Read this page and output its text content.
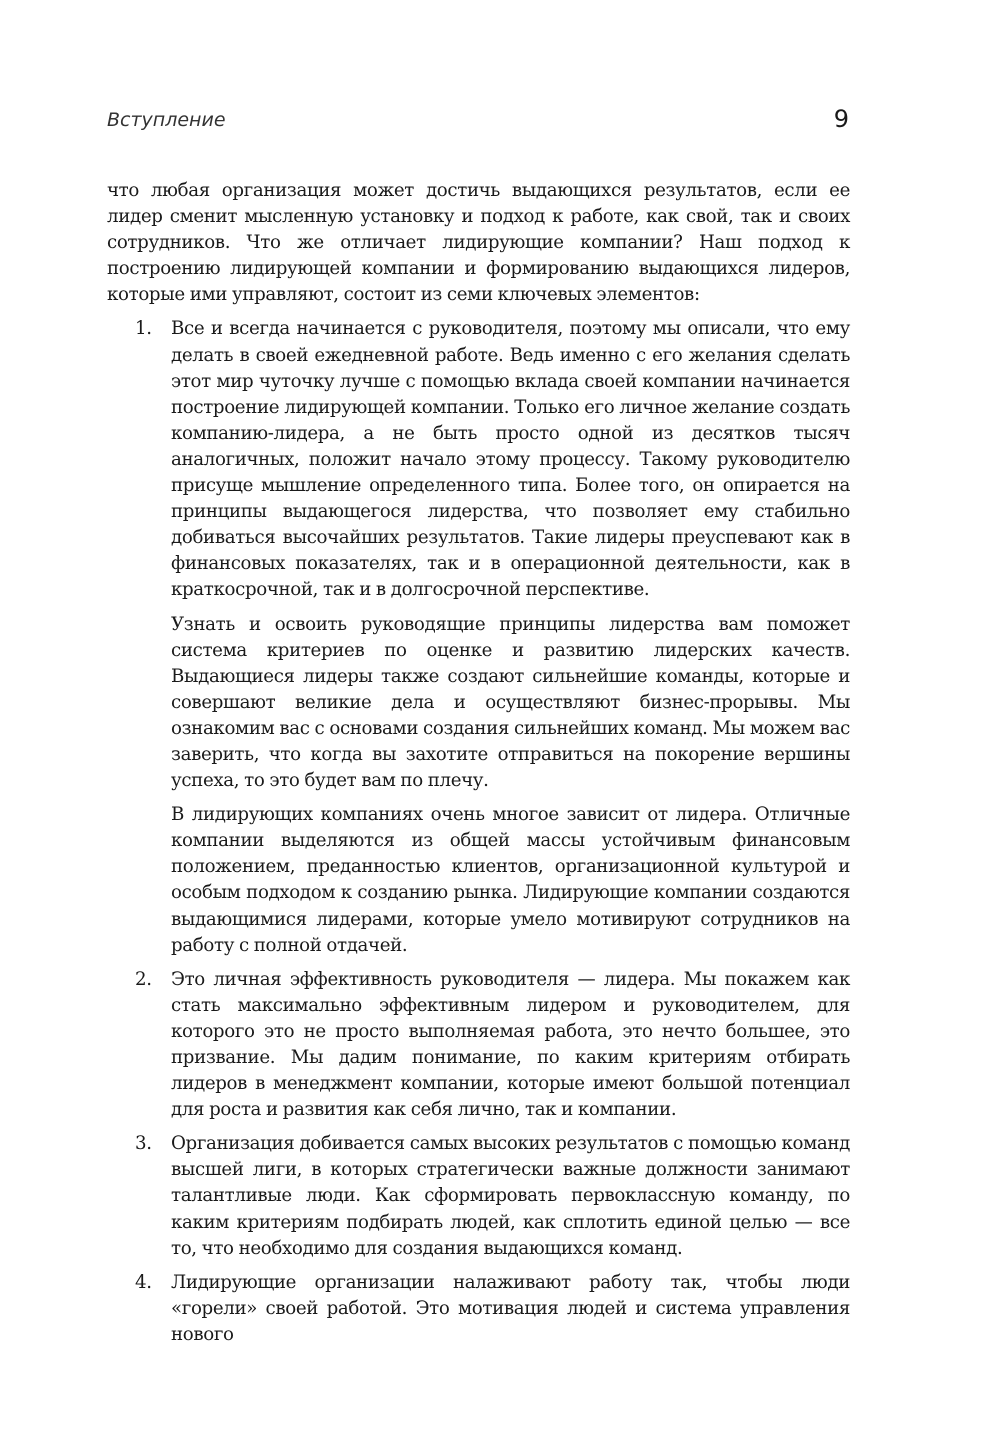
Вступление	9

что любая организация может достичь выдающихся результатов, если ее лидер сменит мысленную установку и подход к работе, как свой, так и своих сотрудников. Что же отличает лидирующие компании? Наш подход к построению лидирующей компании и формированию выдающихся лидеров, которые ими управляют, состоит из семи ключевых элементов:

1. Все и всегда начинается с руководителя, поэтому мы описали, что ему делать в своей ежедневной работе. Ведь именно с его желания сделать этот мир чуточку лучше с помощью вклада своей компании начинается построение лидирующей компании. Только его личное желание создать компанию-лидера, а не быть просто одной из десятков тысяч аналогичных, положит начало этому процессу. Такому руководителю присуще мышление определенного типа. Более того, он опирается на принципы выдающегося лидерства, что позволяет ему стабильно добиваться высочайших результатов. Такие лидеры преуспевают как в финансовых показателях, так и в операционной деятельности, как в краткосрочной, так и в долгосрочной перспективе.

Узнать и освоить руководящие принципы лидерства вам поможет система критериев по оценке и развитию лидерских качеств. Выдающиеся лидеры также создают сильнейшие команды, которые и совершают великие дела и осуществляют бизнес-прорывы. Мы ознакомим вас с основами создания сильнейших команд. Мы можем вас заверить, что когда вы захотите отправиться на покорение вершины успеха, то это будет вам по плечу.

В лидирующих компаниях очень многое зависит от лидера. Отличные компании выделяются из общей массы устойчивым финансовым положением, преданностью клиентов, организационной культурой и особым подходом к созданию рынка. Лидирующие компании создаются выдающимися лидерами, которые умело мотивируют сотрудников на работу с полной отдачей.

2. Это личная эффективность руководителя — лидера. Мы покажем как стать максимально эффективным лидером и руководителем, для которого это не просто выполняемая работа, это нечто большее, это призвание. Мы дадим понимание, по каким критериям отбирать лидеров в менеджмент компании, которые имеют большой потенциал для роста и развития как себя лично, так и компании.

3. Организация добивается самых высоких результатов с помощью команд высшей лиги, в которых стратегически важные должности занимают талантливые люди. Как сформировать первоклассную команду, по каким критериям подбирать людей, как сплотить единой целью — все то, что необходимо для создания выдающихся команд.

4. Лидирующие организации налаживают работу так, чтобы люди «горели» своей работой. Это мотивация людей и система управления нового
